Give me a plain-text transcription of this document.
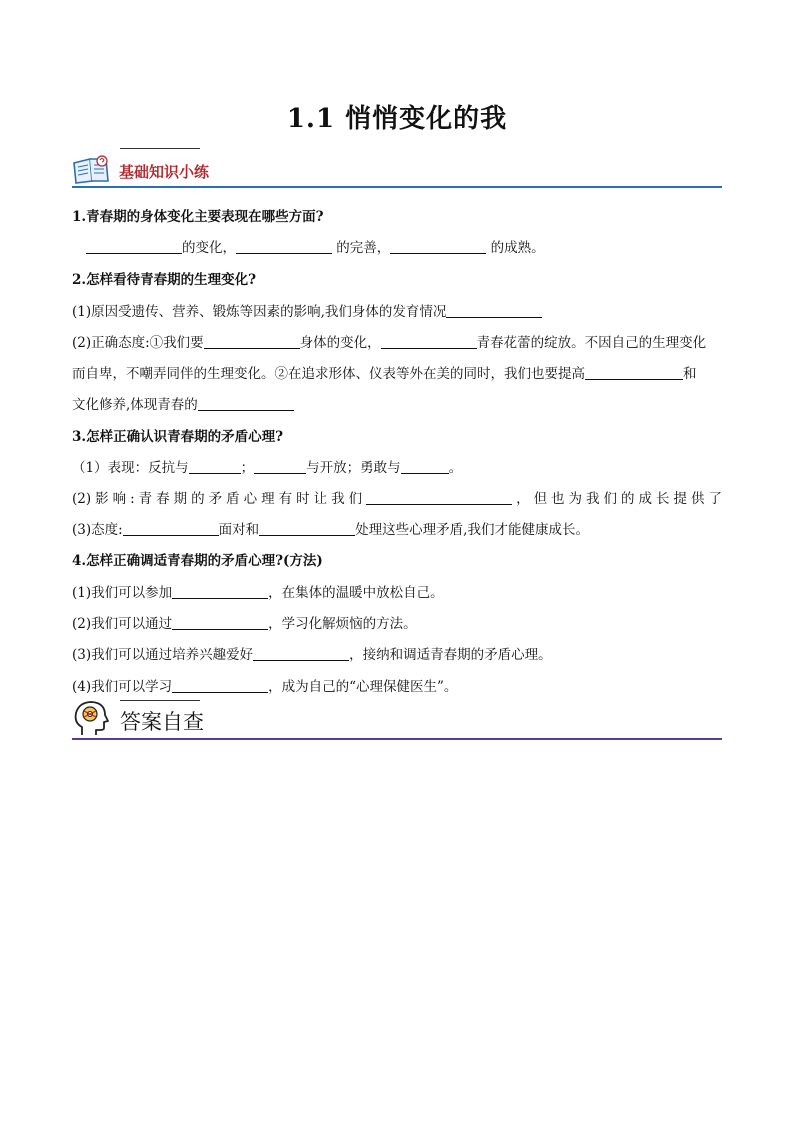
1.1 悄悄变化的我
基础知识小练
1.青春期的身体变化主要表现在哪些方面?
的变化，	的完善，	的成熟。
2.怎样看待青春期的生理变化?
(1)原因受遗传、营养、锻炼等因素的影响,我们身体的发育情况
(2)正确态度:①我们要	身体的变化，	青春花蕾的绽放。不因自己的生理变化
而自卑，不嘲弄同伴的生理变化。②在追求形体、仪表等外在美的同时，我们也要提高	和
文化修养,体现青春的
3.怎样正确认识青春期的矛盾心理?
（1）表现：反抗与	；	与开放；勇敢与	。
(2)影响:青春期的矛盾心理有时让我们	，但也为我们的成长提供了
(3)态度:	面对和	处理这些心理矛盾,我们才能健康成长。
4.怎样正确调适青春期的矛盾心理?(方法)
(1)我们可以参加	，在集体的温暖中放松自己。
(2)我们可以通过	，学习化解烦恼的方法。
(3)我们可以通过培养兴趣爱好	，接纳和调适青春期的矛盾心理。
(4)我们可以学习	，成为自己的“心理保健医生”。
答案自查
